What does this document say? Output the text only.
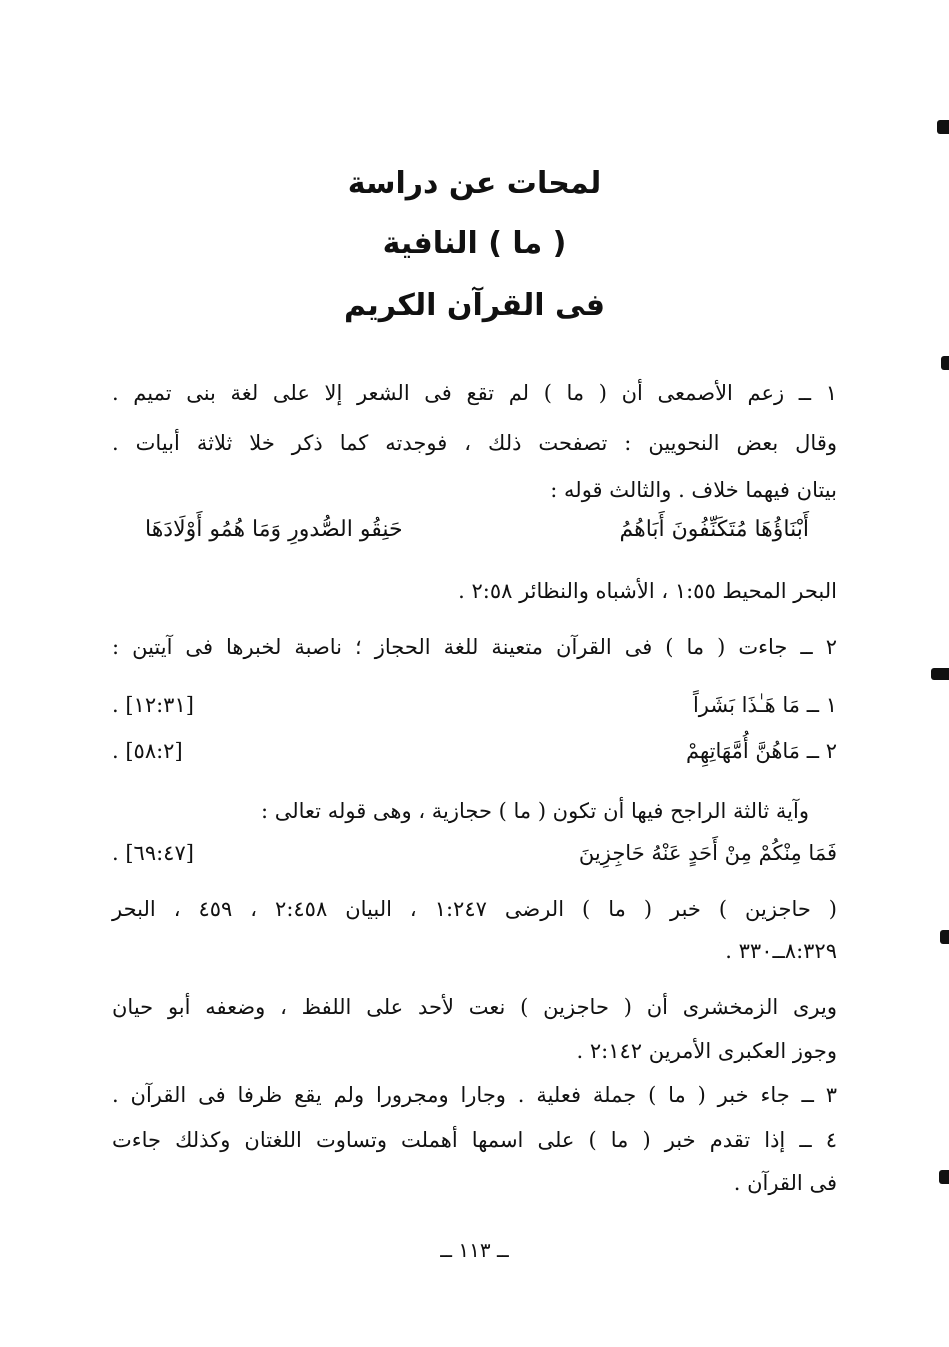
لمحات عن دراسة
( ما ) النافية
فى القرآن الكريم
١ ــ زعم الأصمعى أن ( ما ) لم تقع فى الشعر إلا على لغة بنى تميم .
وقال بعض النحويين : تصفحت ذلك ، فوجدته كما ذكر خلا ثلاثة أبيات .
بيتان فيهما خلاف . والثالث قوله :
أَبْنَاؤُهَا مُتَكَنِّفُونَ أَبَاهُمُ
حَنِقُو الصُّدورِ وَمَا هُمُو أَوْلَادَهَا
البحر المحيط ١:٥٥ ، الأشباه والنظائر ٢:٥٨ .
٢ ــ جاءت ( ما ) فى القرآن متعينة للغة الحجاز ؛ ناصبة لخبرها فى آيتين :
١ ــ مَا هَـٰذَا بَشَراً
[١٢:٣١] .
٢ ــ مَاهُنَّ أُمَّهَاتِهِمْ
[٥٨:٢] .
وآية ثالثة الراجح فيها أن تكون ( ما ) حجازية ، وهى قوله تعالى :
فَمَا مِنْكُمْ مِنْ أَحَدٍ عَنْهُ حَاجِزِينَ
[٦٩:٤٧] .
( حاجزين ) خبر ( ما ) الرضى ١:٢٤٧ ، البيان ٢:٤٥٨ ، ٤٥٩ ، البحر
٨:٣٢٩ــ٣٣٠ .
ويرى الزمخشرى أن ( حاجزين ) نعت لأحد على اللفظ ، وضعفه أبو حيان
وجوز العكبرى الأمرين ٢:١٤٢ .
٣ ــ جاء خبر ( ما ) جملة فعلية . وجارا ومجرورا ولم يقع ظرفا فى القرآن .
٤ ــ إذا تقدم خبر ( ما ) على اسمها أهملت وتساوت اللغتان وكذلك جاءت
فى القرآن .
ــ ١١٣ ــ
